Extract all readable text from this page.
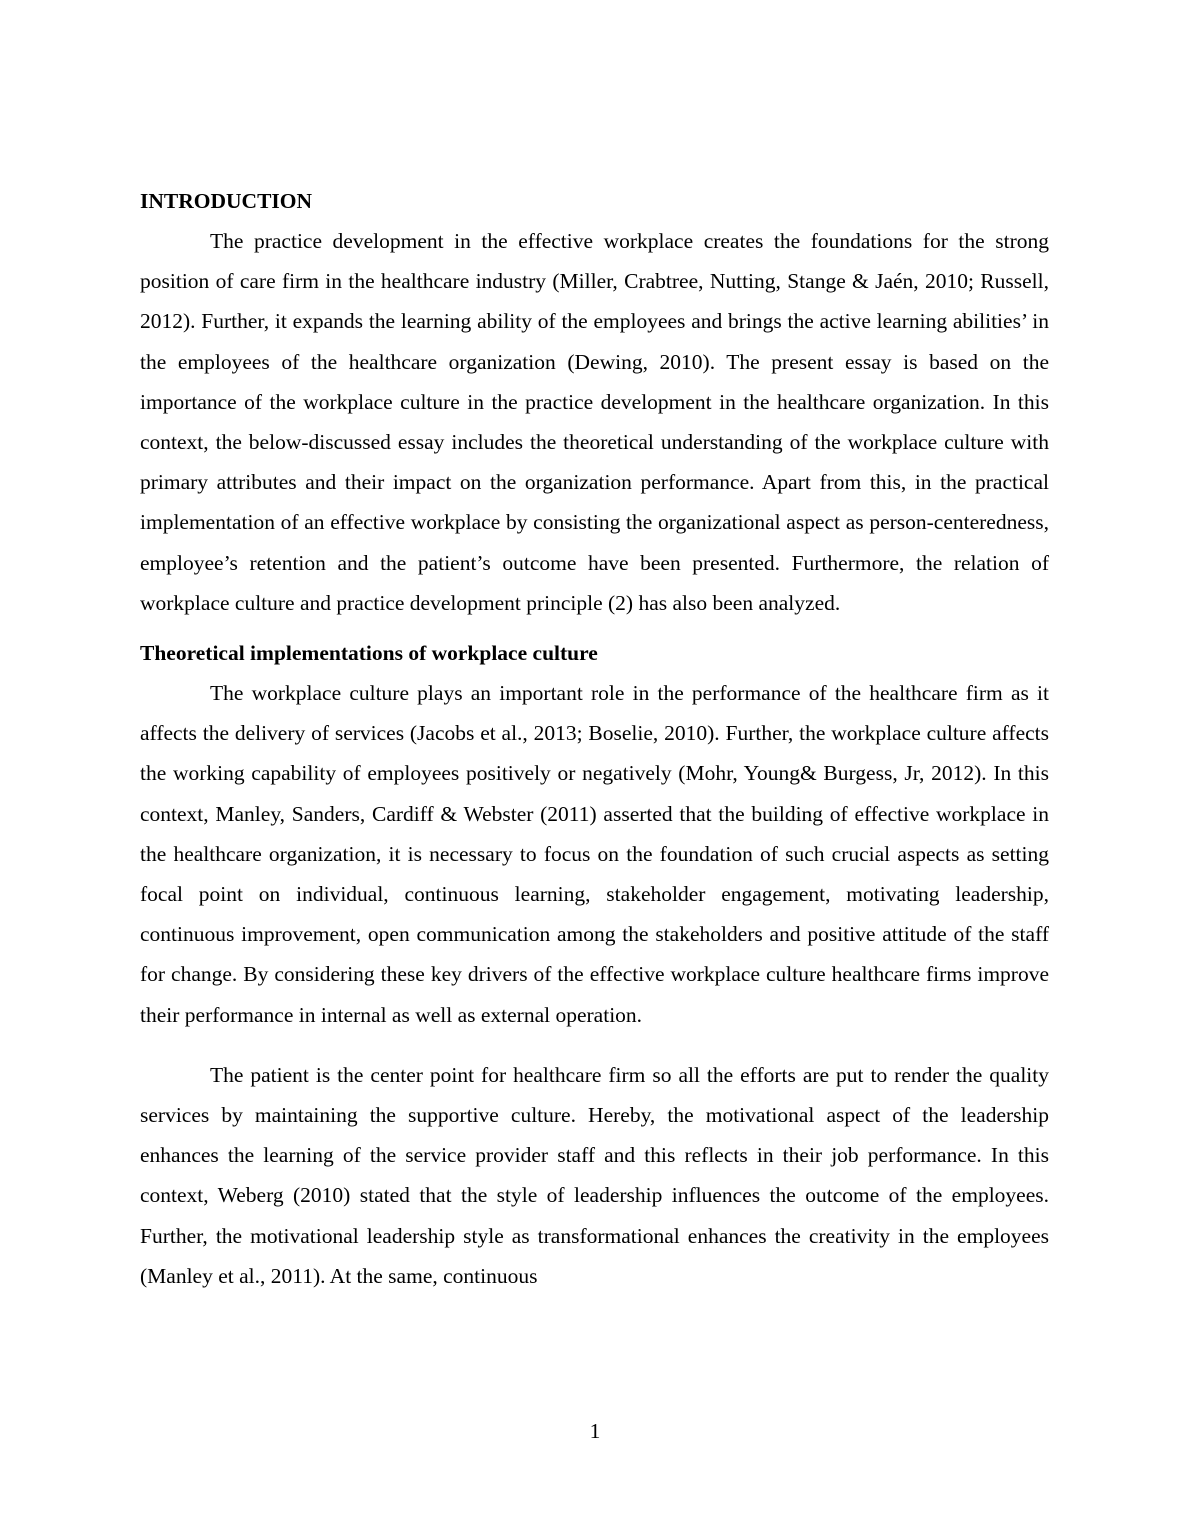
INTRODUCTION

The practice development in the effective workplace creates the foundations for the strong position of care firm in the healthcare industry (Miller, Crabtree, Nutting, Stange & Jaén, 2010; Russell, 2012). Further, it expands the learning ability of the employees and brings the active learning abilities’ in the employees of the healthcare organization (Dewing, 2010). The present essay is based on the importance of the workplace culture in the practice development in the healthcare organization. In this context, the below-discussed essay includes the theoretical understanding of the workplace culture with primary attributes and their impact on the organization performance. Apart from this, in the practical implementation of an effective workplace by consisting the organizational aspect as person-centeredness, employee’s retention and the patient’s outcome have been presented. Furthermore, the relation of workplace culture and practice development principle (2) has also been analyzed.

Theoretical implementations of workplace culture

The workplace culture plays an important role in the performance of the healthcare firm as it affects the delivery of services (Jacobs et al., 2013; Boselie, 2010). Further, the workplace culture affects the working capability of employees positively or negatively (Mohr, Young& Burgess, Jr, 2012). In this context, Manley, Sanders, Cardiff & Webster (2011) asserted that the building of effective workplace in the healthcare organization, it is necessary to focus on the foundation of such crucial aspects as setting focal point on individual, continuous learning, stakeholder engagement, motivating leadership, continuous improvement, open communication among the stakeholders and positive attitude of the staff for change. By considering these key drivers of the effective workplace culture healthcare firms improve their performance in internal as well as external operation.

The patient is the center point for healthcare firm so all the efforts are put to render the quality services by maintaining the supportive culture. Hereby, the motivational aspect of the leadership enhances the learning of the service provider staff and this reflects in their job performance. In this context, Weberg (2010) stated that the style of leadership influences the outcome of the employees. Further, the motivational leadership style as transformational enhances the creativity in the employees (Manley et al., 2011). At the same, continuous

1
